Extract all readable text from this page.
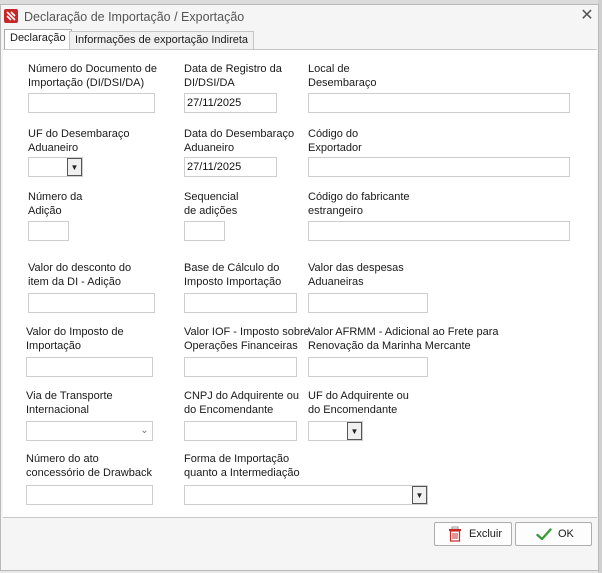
Declaração de Importação / Exportação	✕
Declaração Informações de exportação Indireta
Número do Documento de
Importação (DI/DSI/DA)
Data de Registro da
DI/DSI/DA
27/11/2025
Local de
Desembaraço
UF do Desembaraço
Aduaneiro
▼
Data do Desembaraço
Aduaneiro
27/11/2025
Código do
Exportador
Número da
Adição
Sequencial
de adições
Código do fabricante
estrangeiro
Valor do desconto do
item da DI - Adição
Base de Cálculo do
Imposto Importação
Valor das despesas
Aduaneiras
Valor do Imposto de
Importação
Valor IOF - Imposto sobre
Operações Financeiras
Valor AFRMM - Adicional ao Frete para
Renovação da Marinha Mercante
Via de Transporte
Internacional
⌄
CNPJ do Adquirente ou
do Encomendante
UF do Adquirente ou
do Encomendante
▼
Número do ato
concessório de Drawback
Forma de Importação
quanto a Intermediação
▼
Excluir	OK
